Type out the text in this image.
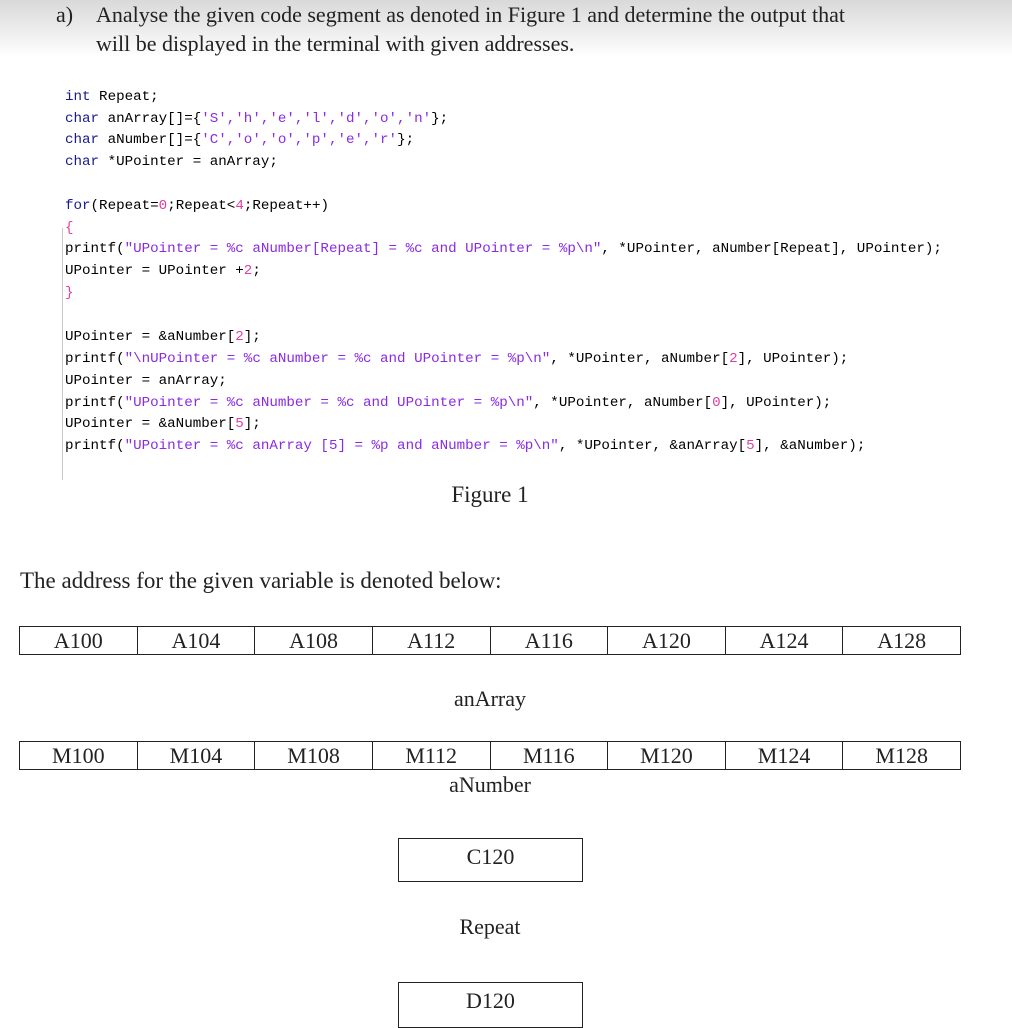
a) Analyse the given code segment as denoted in Figure 1 and determine the output that
will be displayed in the terminal with given addresses.

int Repeat;

char anArray[]={'S','h','e','l','d','o','n'};

char aNumber[]={'C','o','o','p','e','r'};

char *UPointer = anArray;

for(Repeat=0;Repeat<4;Repeat++)

{

printf("UPointer = %c aNumber[Repeat] = %c and UPointer = %p\n", *UPointer, aNumber[Repeat], UPointer);

UPointer = UPointer +2;

}

UPointer = &aNumber[2];

printf("\nUPointer = %c aNumber = %c and UPointer = %p\n", *UPointer, aNumber[2], UPointer);

UPointer = anArray;

printf("UPointer = %c aNumber = %c and UPointer = %p\n", *UPointer, aNumber[0], UPointer);

UPointer = &aNumber[5];

printf("UPointer = %c anArray [5] = %p and aNumber = %p\n", *UPointer, &anArray[5], &aNumber);

Figure 1
The address for the given variable is denoted below:
A100	A104	A108	A112	A116	A120	A124	A128
anArray
M100	M104	M108	M112	M116	M120	M124	M128
aNumber
C120
Repeat
D120
